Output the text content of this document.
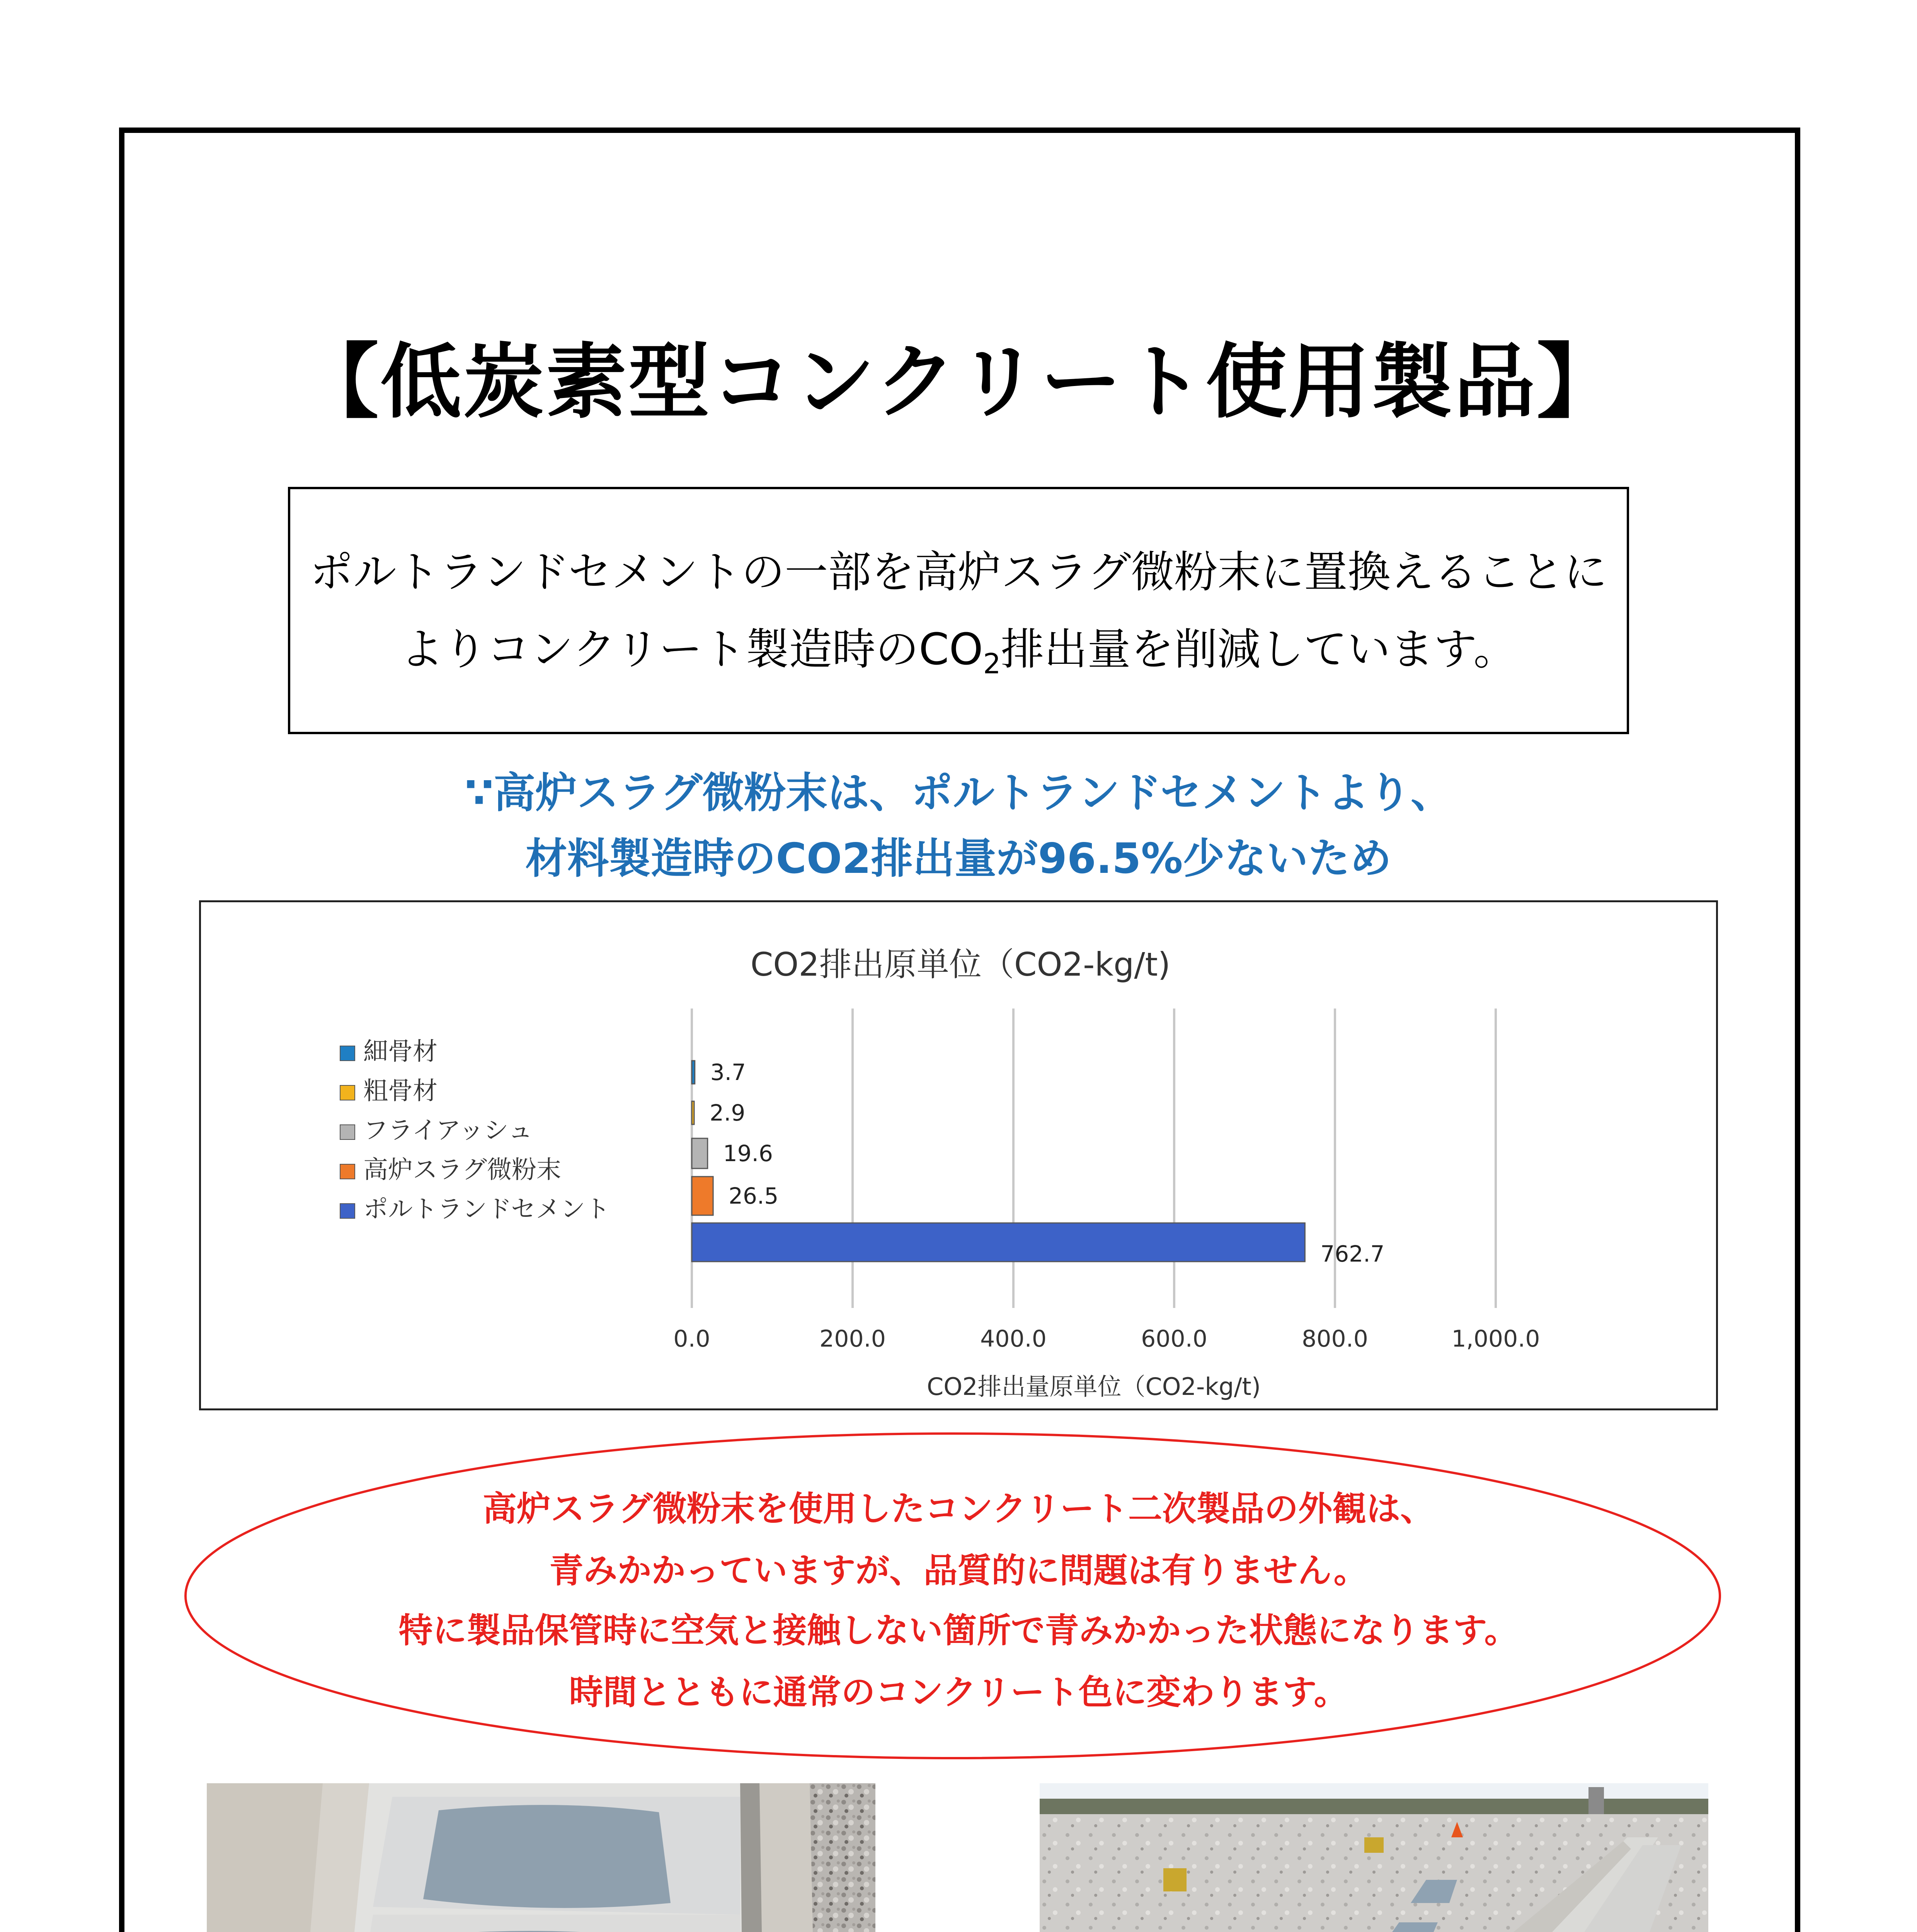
【低炭素型コンクリート使用製品】
ポルトランドセメントの一部を高炉スラグ微粉末に置換えることに
よりコンクリート製造時の$CO_2$排出量を削減しています。
∵高炉スラグ微粉末は、ポルトランドセメントより、
材料製造時のCO2排出量が96.5%少ないため
CO2排出原単位（CO2-kg/t)
0.0	200.0	400.0	600.0	800.0	1,000.0
CO2排出量原単位（CO2-kg/t)
3.7
2.9
19.6
26.5
762.7
細骨材
粗骨材
フライアッシュ
高炉スラグ微粉末
ポルトランドセメント
高炉スラグ微粉末を使用したコンクリート二次製品の外観は、
青みかかっていますが、品質的に問題は有りません。
特に製品保管時に空気と接触しない箇所で青みかかった状態になります。
時間とともに通常のコンクリート色に変わります。
